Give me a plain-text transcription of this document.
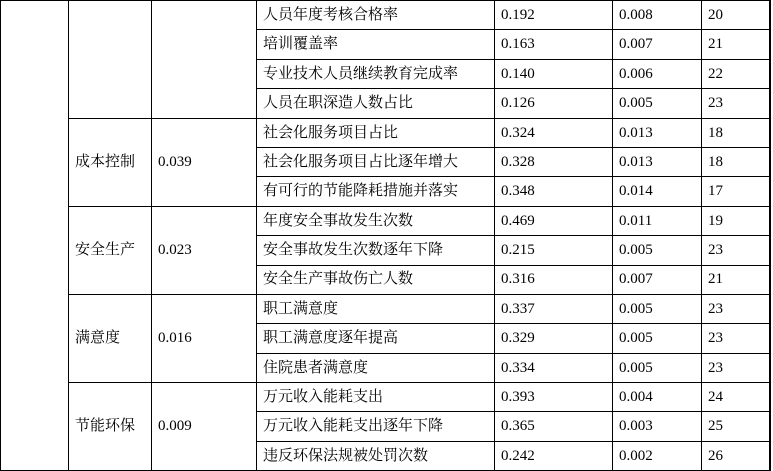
			人员年度考核合格率	0.192	0.008	20
			培训覆盖率	0.163	0.007	21
			专业技术人员继续教育完成率	0.140	0.006	22
			人员在职深造人数占比	0.126	0.005	23
	成本控制	0.039	社会化服务项目占比	0.324	0.013	18
			社会化服务项目占比逐年增大	0.328	0.013	18
			有可行的节能降耗措施并落实	0.348	0.014	17
	安全生产	0.023	年度安全事故发生次数	0.469	0.011	19
			安全事故发生次数逐年下降	0.215	0.005	23
			安全生产事故伤亡人数	0.316	0.007	21
	满意度	0.016	职工满意度	0.337	0.005	23
			职工满意度逐年提高	0.329	0.005	23
			住院患者满意度	0.334	0.005	23
	节能环保	0.009	万元收入能耗支出	0.393	0.004	24
			万元收入能耗支出逐年下降	0.365	0.003	25
			违反环保法规被处罚次数	0.242	0.002	26
